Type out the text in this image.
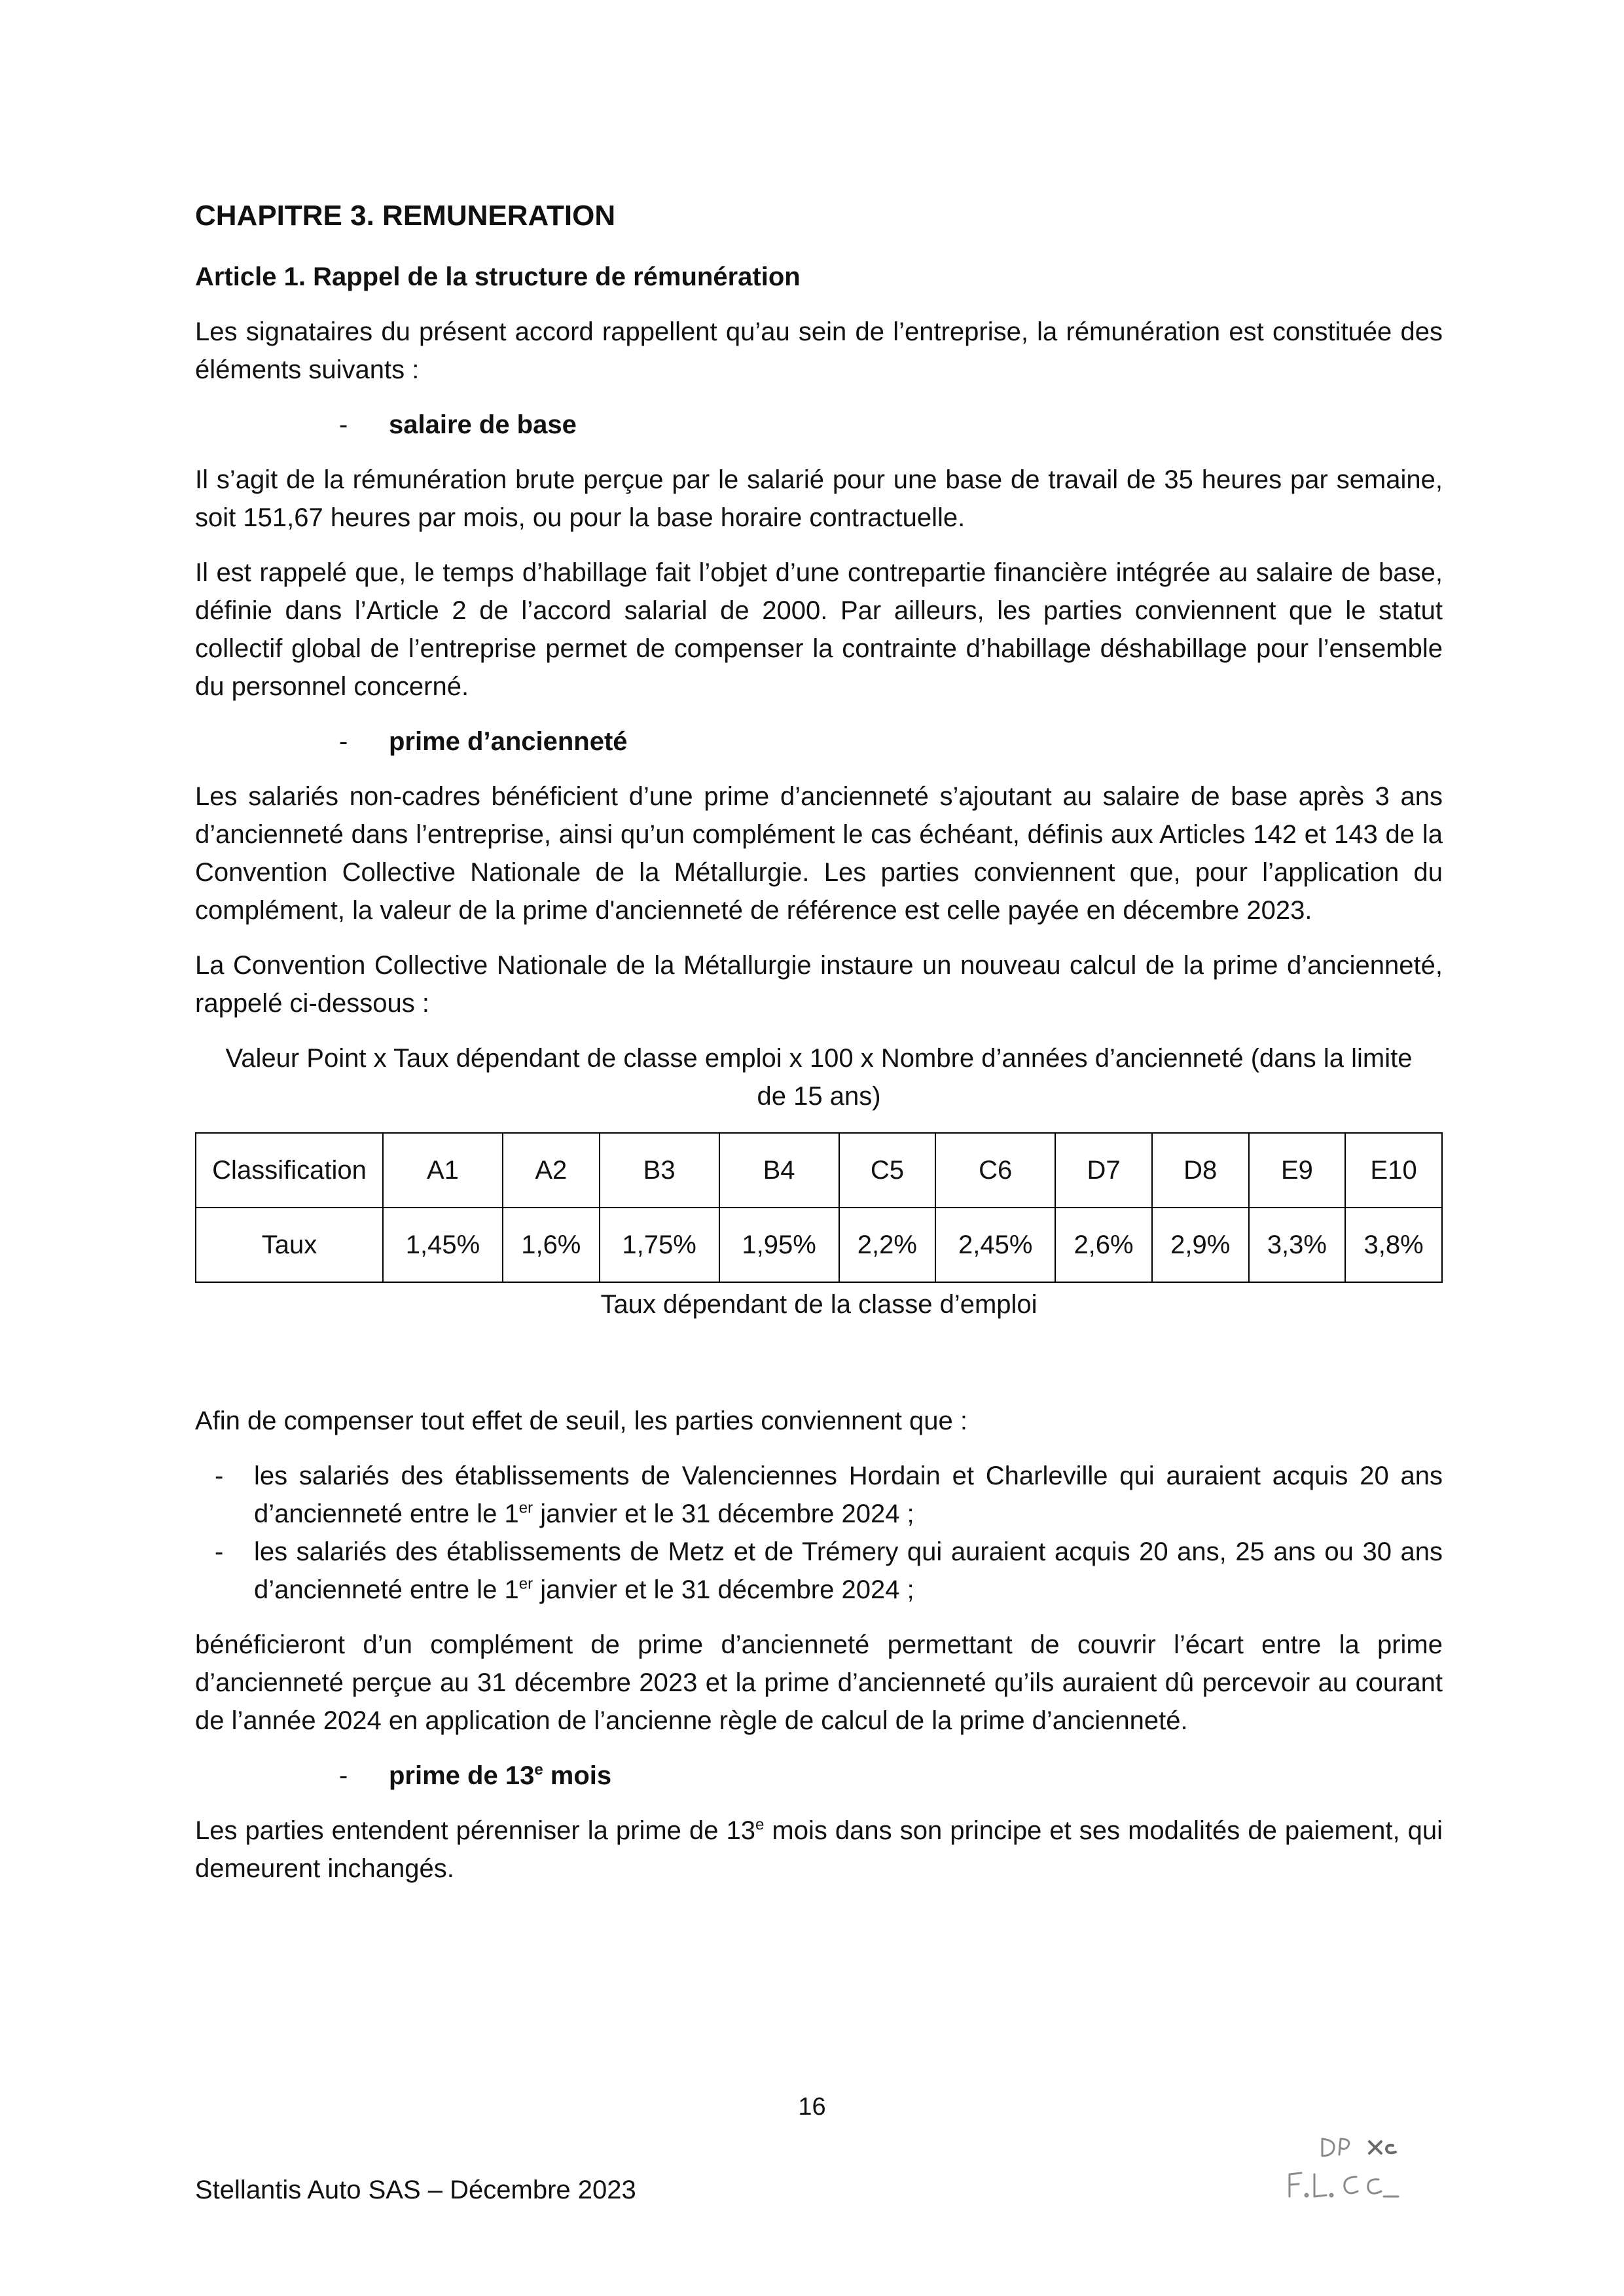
CHAPITRE 3. REMUNERATION
Article 1. Rappel de la structure de rémunération

Les signataires du présent accord rappellent qu’au sein de l’entreprise, la rémunération est constituée des éléments suivants :

- salaire de base

Il s’agit de la rémunération brute perçue par le salarié pour une base de travail de 35 heures par semaine, soit 151,67 heures par mois, ou pour la base horaire contractuelle.

Il est rappelé que, le temps d’habillage fait l’objet d’une contrepartie financière intégrée au salaire de base, définie dans l’Article 2 de l’accord salarial de 2000. Par ailleurs, les parties conviennent que le statut collectif global de l’entreprise permet de compenser la contrainte d’habillage déshabillage pour l’ensemble du personnel concerné.

- prime d’ancienneté

Les salariés non-cadres bénéficient d’une prime d’ancienneté s’ajoutant au salaire de base après 3 ans d’ancienneté dans l’entreprise, ainsi qu’un complément le cas échéant, définis aux Articles 142 et 143 de la Convention Collective Nationale de la Métallurgie. Les parties conviennent que, pour l’application du complément, la valeur de la prime d'ancienneté de référence est celle payée en décembre 2023.

La Convention Collective Nationale de la Métallurgie instaure un nouveau calcul de la prime d’ancienneté, rappelé ci-dessous :

Valeur Point x Taux dépendant de classe emploi x 100 x Nombre d’années d’ancienneté (dans la limite de 15 ans)
Classification	A1	A2	B3	B4	C5	C6	D7	D8	E9	E10
Taux	1,45%	1,6%	1,75%	1,95%	2,2%	2,45%	2,6%	2,9%	3,3%	3,8%
Taux dépendant de la classe d’emploi

Afin de compenser tout effet de seuil, les parties conviennent que :

- les salariés des établissements de Valenciennes Hordain et Charleville qui auraient acquis 20 ans d’ancienneté entre le 1er janvier et le 31 décembre 2024 ;
- les salariés des établissements de Metz et de Trémery qui auraient acquis 20 ans, 25 ans ou 30 ans d’ancienneté entre le 1er janvier et le 31 décembre 2024 ;

bénéficieront d’un complément de prime d’ancienneté permettant de couvrir l’écart entre la prime d’ancienneté perçue au 31 décembre 2023 et la prime d’ancienneté qu’ils auraient dû percevoir au courant de l’année 2024 en application de l’ancienne règle de calcul de la prime d’ancienneté.

- prime de 13e mois

Les parties entendent pérenniser la prime de 13e mois dans son principe et ses modalités de paiement, qui demeurent inchangés.

16
Stellantis Auto SAS – Décembre 2023
